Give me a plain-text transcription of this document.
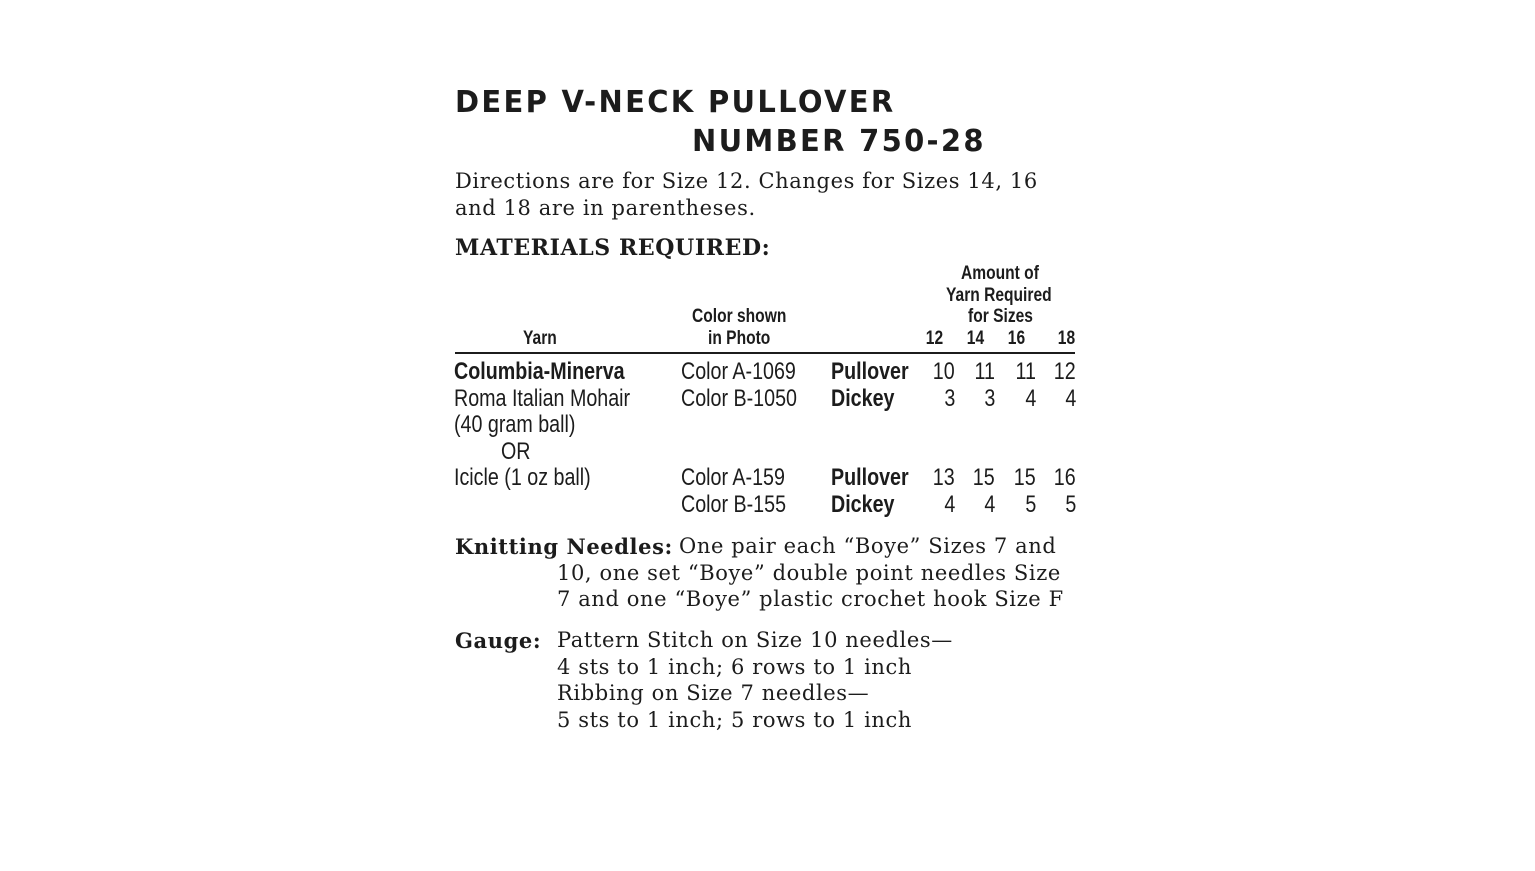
DEEP V-NECK PULLOVER
NUMBER 750-28
Directions are for Size 12. Changes for Sizes 14, 16
and 18 are in parentheses.
MATERIALS REQUIRED:
Yarn
Color shown
in Photo
Amount of
Yarn Required
for Sizes
12 14 16 18
Columbia-Minerva Color A-1069 Pullover 10 11 11 12
Roma Italian Mohair Color B-1050 Dickey 3 3 4 4
(40 gram ball)
OR
Icicle (1 oz ball)	Color A-159 Pullover 13 15 15 16
Color B-155 Dickey 4 4 5 5
Knitting Needles: One pair each “Boye” Sizes 7 and
10, one set “Boye” double point needles Size
7 and one “Boye” plastic crochet hook Size F
Gauge: Pattern Stitch on Size 10 needles—
4 sts to 1 inch; 6 rows to 1 inch
Ribbing on Size 7 needles—
5 sts to 1 inch; 5 rows to 1 inch
